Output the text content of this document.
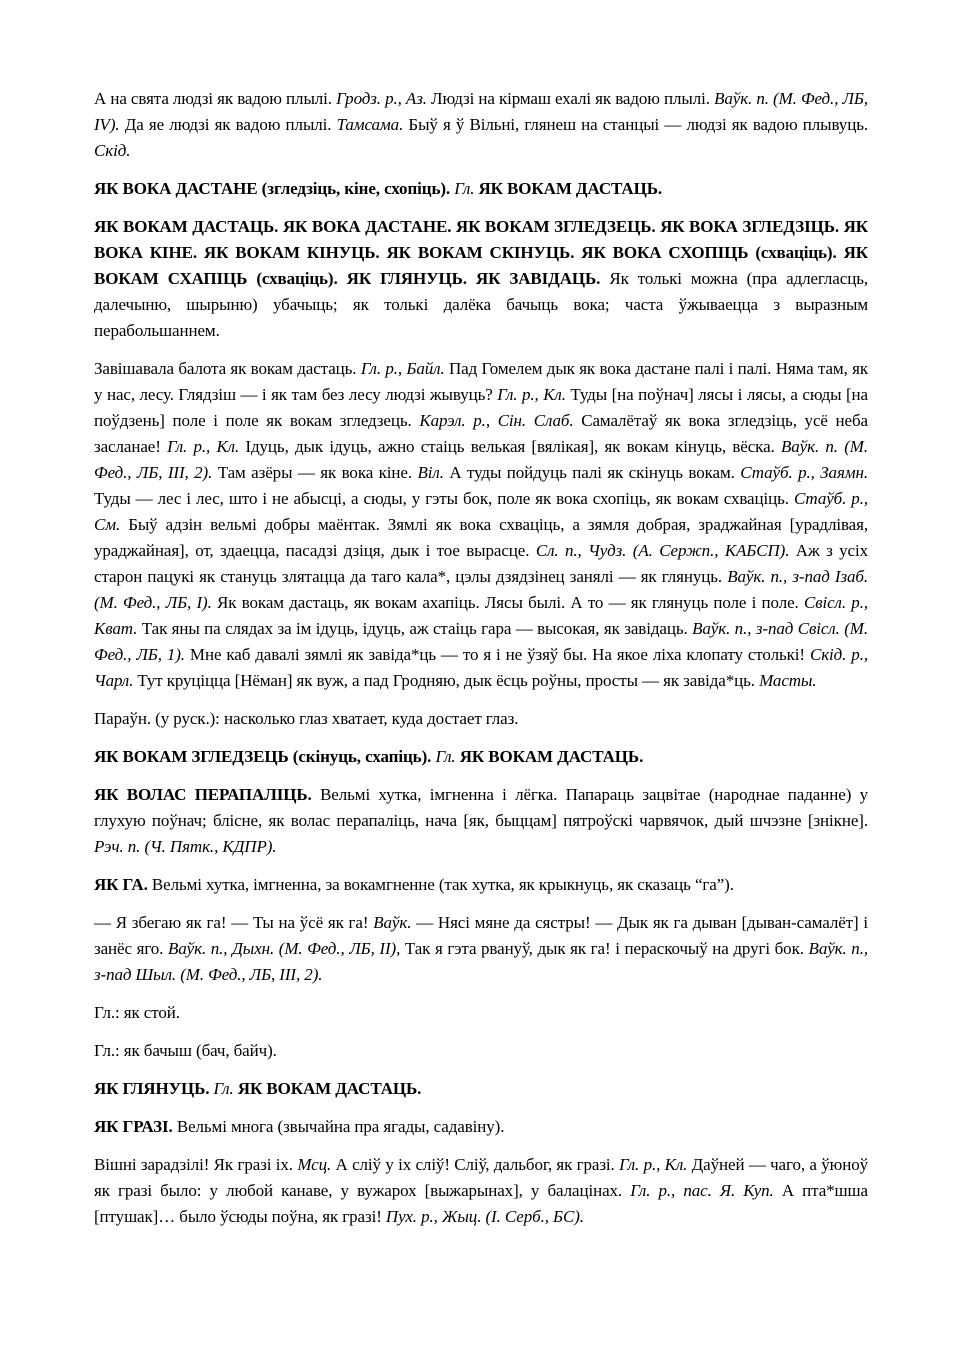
А на свята людзі як вадою плылі. Гродз. р., Аз. Людзі на кірмаш ехалі як вадою плылі. Ваўк. п. (М. Фед., ЛБ, IV). Да яе людзі як вадою плылі. Тамсама. Быў я ў Вільні, глянеш на станцыі — людзі як вадою плывуць. Скід.

ЯК ВОКА ДАСТАНЕ (згледзіць, кіне, схопіць). Гл. ЯК ВОКАМ ДАСТАЦЬ.

ЯК ВОКАМ ДАСТАЦЬ. ЯК ВОКА ДАСТАНЕ. ЯК ВОКАМ ЗГЛЕДЗЕЦЬ. ЯК ВОКА ЗГЛЕДЗІЦЬ. ЯК ВОКА КІНЕ. ЯК ВОКАМ КІНУЦЬ. ЯК ВОКАМ СКІНУЦЬ. ЯК ВОКА СХОПІЦЬ (схваціць). ЯК ВОКАМ СХАПІЦЬ (схваціць). ЯК ГЛЯНУЦЬ. ЯК ЗАВІДАЦЬ. Як толькі можна (пра адлегласць, далечыню, шырыню) убачыць; як толькі далёка бачыць вока; часта ўжываецца з выразным перабольшаннем.

Завішавала балота як вокам дастаць. Гл. р., Байл. Пад Гомелем дык як вока дастане палі і палі. Няма там, як у нас, лесу. Глядзіш — і як там без лесу людзі жывуць? Гл. р., Кл. Туды [на поўнач] лясы і лясы, а сюды [на поўдзень] поле і поле як вокам згледзець. Карэл. р., Сін. Слаб. Самалётаў як вока згледзіць, усё неба засланае! Гл. р., Кл. Ідуць, дык ідуць, ажно стаіць велькая [вялікая], як вокам кінуць, вёска. Ваўк. п. (М. Фед., ЛБ, III, 2). Там азёры — як вока кіне. Віл. А туды пойдуць палі як скінуць вокам. Стаўб. р., Заямн. Туды — лес і лес, што і не абысці, а сюды, у гэты бок, поле як вока схопіць, як вокам схваціць. Стаўб. р., См. Быў адзін вельмі добры маёнтак. Зямлі як вока схваціць, а зямля добрая, зраджайная [урадлівая, ураджайная], от, здаецца, пасадзі дзіця, дык і тое вырасце. Сл. п., Чудз. (А. Сержп., КАБСП). Аж з усіх старон пацукі як стануць злятацца да таго кала*, цэлы дзядзінец занялі — як глянуць. Ваўк. п., з-пад Ізаб. (М. Фед., ЛБ, I). Як вокам дастаць, як вокам ахапіць. Лясы былі. А то — як глянуць поле і поле. Свісл. р., Кват. Так яны па слядах за ім ідуць, ідуць, аж стаіць гара — высокая, як завідаць. Ваўк. п., з-пад Свісл. (М. Фед., ЛБ, 1). Мне каб давалі зямлі як завіда*ць — то я і не ўзяў бы. На якое ліха клопату столькі! Скід. р., Чарл. Тут круціцца [Нёман] як вуж, а пад Гродняю, дык ёсць роўны, просты — як завіда*ць. Масты.

Параўн. (у руск.): насколько глаз хватает, куда достает глаз.

ЯК ВОКАМ ЗГЛЕДЗЕЦЬ (скінуць, схапіць). Гл. ЯК ВОКАМ ДАСТАЦЬ.

ЯК ВОЛАС ПЕРАПАЛІЦЬ. Вельмі хутка, імгненна і лёгка. Папараць зацвітае (народнае паданне) у глухую поўнач; блісне, як волас перапаліць, нача [як, быццам] пятроўскі чарвячок, дый шчэзне [знікне]. Рэч. п. (Ч. Пятк., КДПР).

ЯК ГА. Вельмі хутка, імгненна, за вокамгненне (так хутка, як крыкнуць, як сказаць “га”).

— Я збегаю як га! — Ты на ўсё як га! Ваўк. — Нясі мяне да сястры! — Дык як га дыван [дыван-самалёт] і занёс яго. Ваўк. п., Дыхн. (М. Фед., ЛБ, II), Так я гэта рвануў, дык як га! і пераскочыў на другі бок. Ваўк. п., з-пад Шыл. (М. Фед., ЛБ, III, 2).

Гл.: як стой.

Гл.: як бачыш (бач, байч).

ЯК ГЛЯНУЦЬ. Гл. ЯК ВОКАМ ДАСТАЦЬ.

ЯК ГРАЗІ. Вельмі многа (звычайна пра ягады, садавіну).

Вішні зарадзілі! Як гразі іх. Мсц. А сліў у іх сліў! Сліў, дальбог, як гразі. Гл. р., Кл. Даўней — чаго, а ўюноў як гразі было: у любой канаве, у вужарох [выжарынах], у балацінах. Гл. р., пас. Я. Куп. А пта*шша [птушак]… было ўсюды поўна, як гразі! Пух. р., Жыц. (І. Серб., БС).
